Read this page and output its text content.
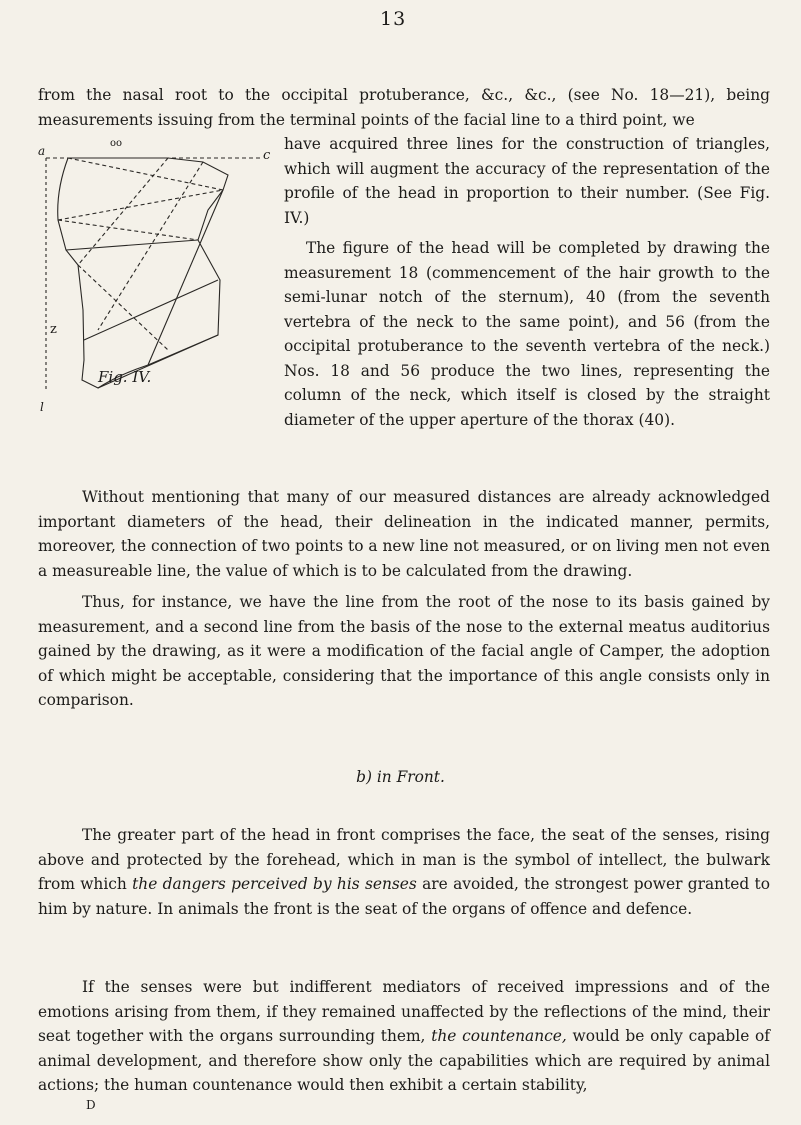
13

from the nasal root to the occipital protuberance, &c., &c., (see No. 18—21), being measurements issuing from the terminal points of the facial line to a third point, we

a	c
oo
z
l
Fig. IV.

have acquired three lines for the construction of triangles, which will augment the accuracy of the representation of the profile of the head in proportion to their number. (See Fig. IV.)

The figure of the head will be completed by drawing the measurement 18 (commencement of the hair growth to the semi-lunar notch of the sternum), 40 (from the seventh vertebra of the neck to the same point), and 56 (from the occipital protuberance to the seventh vertebra of the neck.) Nos. 18 and 56 produce the two lines, representing the column of the neck, which itself is closed by the straight diameter of the upper aperture of the thorax (40).

Without mentioning that many of our measured distances are already acknowledged important diameters of the head, their delineation in the indicated manner, permits, moreover, the connection of two points to a new line not measured, or on living men not even a measureable line, the value of which is to be calculated from the drawing.

Thus, for instance, we have the line from the root of the nose to its basis gained by measurement, and a second line from the basis of the nose to the external meatus auditorius gained by the drawing, as it were a modification of the facial angle of Camper, the adoption of which might be acceptable, considering that the importance of this angle consists only in comparison.

b) in Front.

The greater part of the head in front comprises the face, the seat of the senses, rising above and protected by the forehead, which in man is the symbol of intellect, the bulwark from which the dangers perceived by his senses are avoided, the strongest power granted to him by nature. In animals the front is the seat of the organs of offence and defence.

If the senses were but indifferent mediators of received impressions and of the emotions arising from them, if they remained unaffected by the reflections of the mind, their seat together with the organs surrounding them, the countenance, would be only capable of animal development, and therefore show only the capabilities which are required by animal actions; the human countenance would then exhibit a certain stability,

D
